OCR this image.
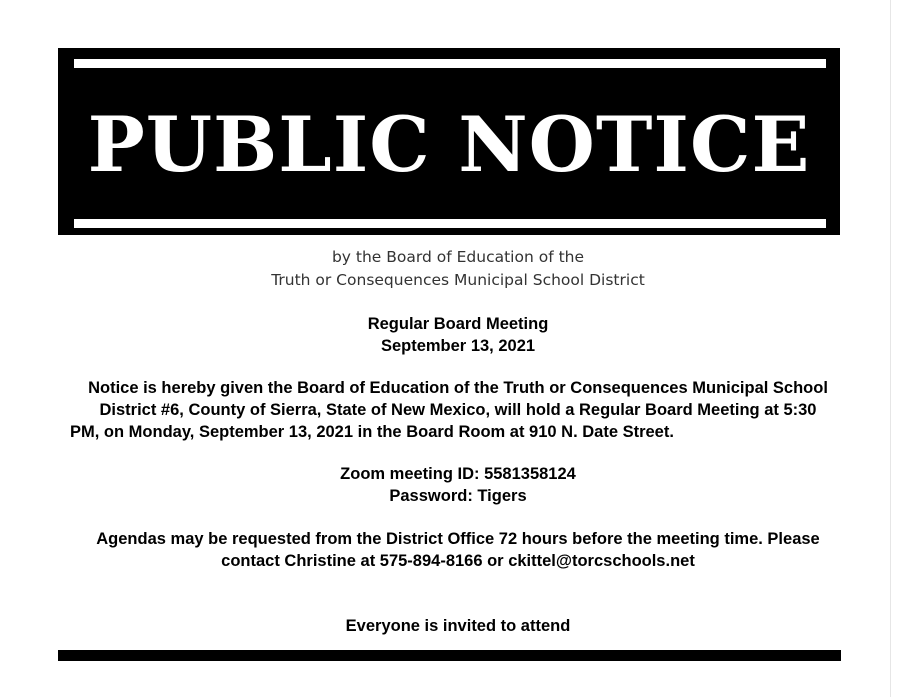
PUBLIC NOTICE
by the Board of Education of the
Truth or Consequences Municipal School District
Regular Board Meeting
September 13, 2021
Notice is hereby given the Board of Education of the Truth or Consequences Municipal School
District #6, County of Sierra, State of New Mexico, will hold a Regular Board Meeting at 5:30
PM, on Monday, September 13, 2021 in the Board Room at 910 N. Date Street.
Zoom meeting ID: 5581358124
Password: Tigers
Agendas may be requested from the District Office 72 hours before the meeting time. Please
contact Christine at 575-894-8166 or ckittel@torcschools.net
Everyone is invited to attend
